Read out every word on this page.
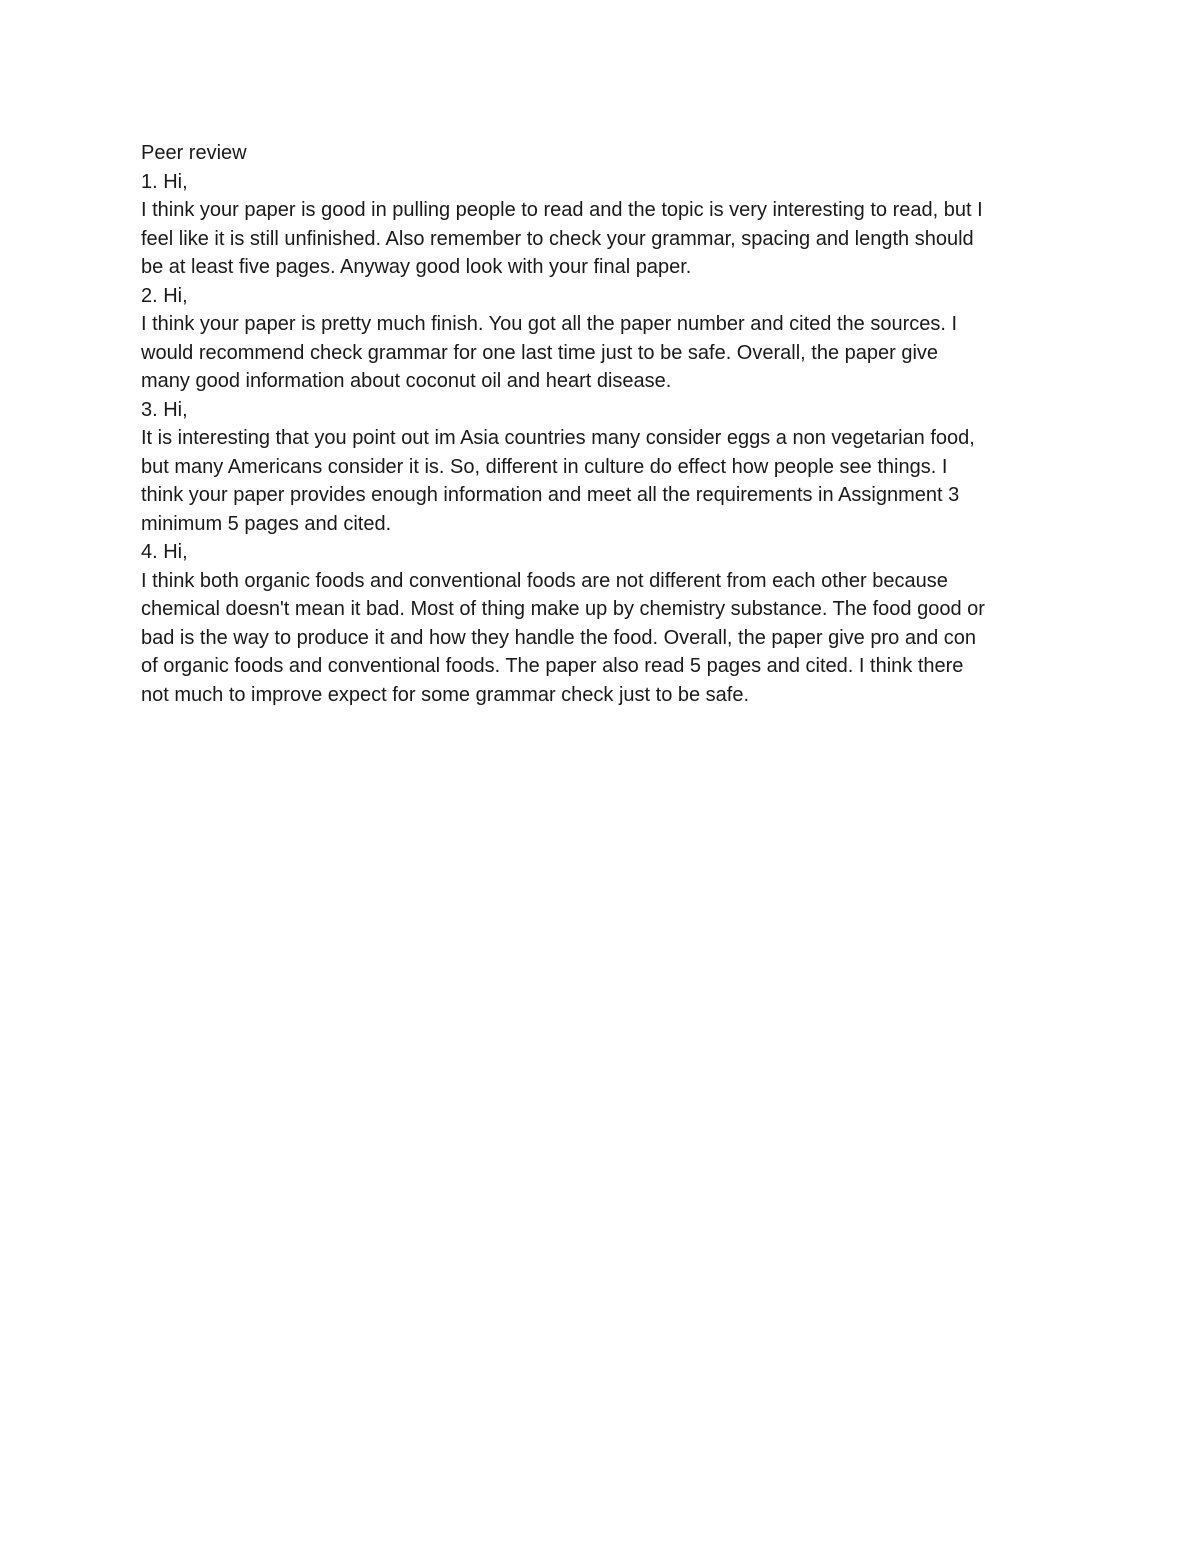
Peer review
1. Hi,
I think your paper is good in pulling people to read and the topic is very interesting to read, but I
feel like it is still unfinished. Also remember to check your grammar, spacing and length should
be at least five pages. Anyway good look with your final paper.
2. Hi,
I think your paper is pretty much finish. You got all the paper number and cited the sources. I
would recommend check grammar for one last time just to be safe. Overall, the paper give
many good information about coconut oil and heart disease.
3. Hi,
It is interesting that you point out im Asia countries many consider eggs a non vegetarian food,
but many Americans consider it is. So, different in culture do effect how people see things. I
think your paper provides enough information and meet all the requirements in Assignment 3
minimum 5 pages and cited.
4. Hi,
I think both organic foods and conventional foods are not different from each other because
chemical doesn't mean it bad. Most of thing make up by chemistry substance. The food good or
bad is the way to produce it and how they handle the food. Overall, the paper give pro and con
of organic foods and conventional foods. The paper also read 5 pages and cited. I think there
not much to improve expect for some grammar check just to be safe.
